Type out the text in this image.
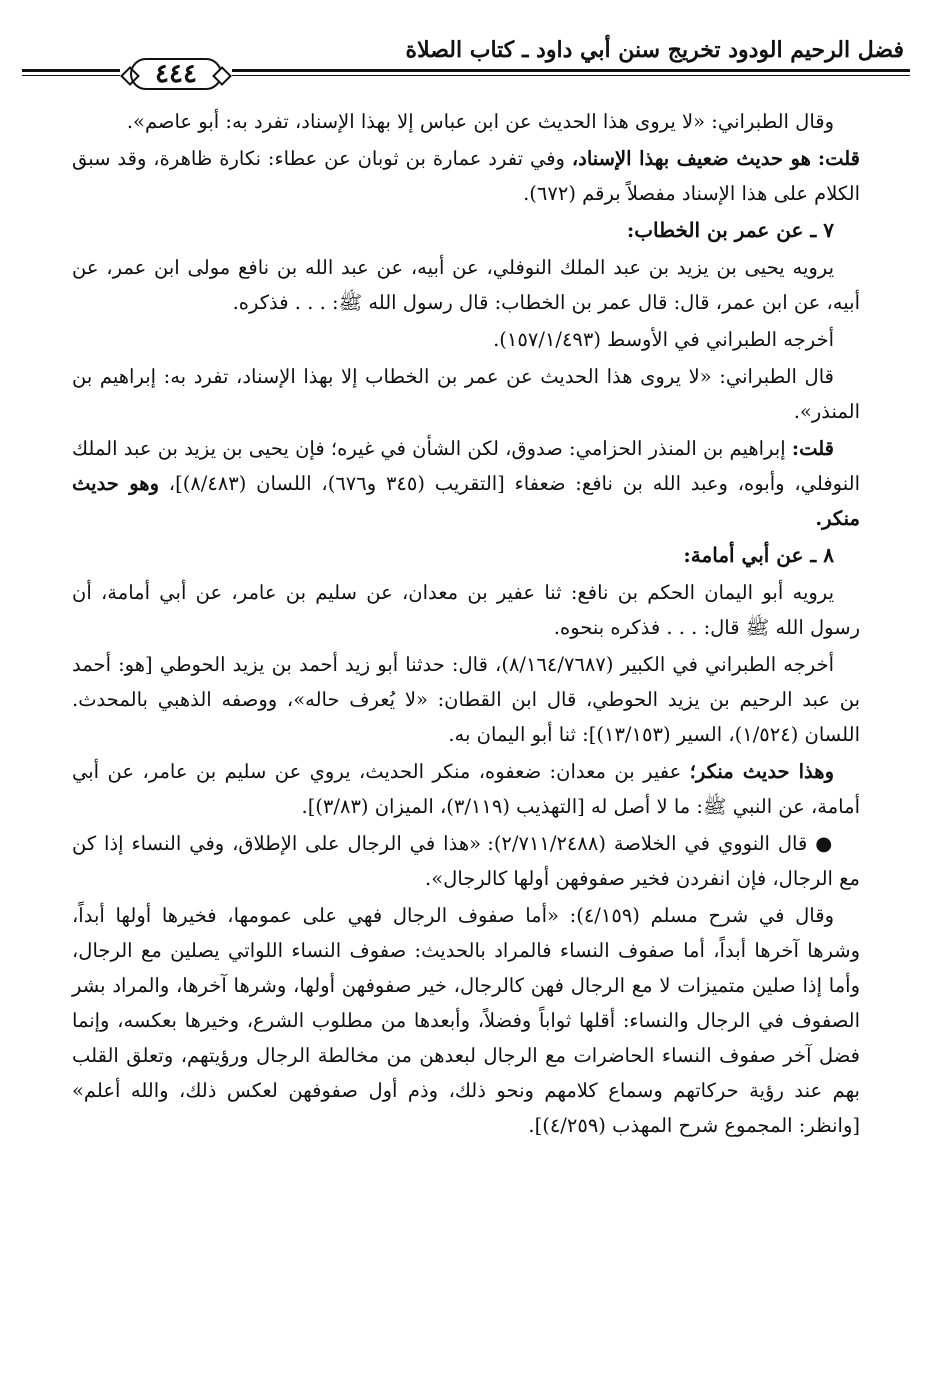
فضل الرحيم الودود تخريج سنن أبي داود ـ كتاب الصلاة
٤٤٤

وقال الطبراني: «لا يروى هذا الحديث عن ابن عباس إلا بهذا الإسناد، تفرد به: أبو عاصم».

قلت: هو حديث ضعيف بهذا الإسناد، وفي تفرد عمارة بن ثوبان عن عطاء: نكارة ظاهرة، وقد سبق الكلام على هذا الإسناد مفصلاً برقم (٦٧٢).

٧ ـ عن عمر بن الخطاب:

يرويه يحيى بن يزيد بن عبد الملك النوفلي، عن أبيه، عن عبد الله بن نافع مولى ابن عمر، عن أبيه، عن ابن عمر، قال: قال عمر بن الخطاب: قال رسول الله ﷺ: . . . فذكره.

أخرجه الطبراني في الأوسط (١٥٧/١/٤٩٣).

قال الطبراني: «لا يروى هذا الحديث عن عمر بن الخطاب إلا بهذا الإسناد، تفرد به: إبراهيم بن المنذر».

قلت: إبراهيم بن المنذر الحزامي: صدوق، لكن الشأن في غيره؛ فإن يحيى بن يزيد بن عبد الملك النوفلي، وأبوه، وعبد الله بن نافع: ضعفاء [التقريب (٣٤٥ و٦٧٦)، اللسان (٨/٤٨٣)]، وهو حديث منكر.

٨ ـ عن أبي أمامة:

يرويه أبو اليمان الحكم بن نافع: ثنا عفير بن معدان، عن سليم بن عامر، عن أبي أمامة، أن رسول الله ﷺ قال: . . . فذكره بنحوه.

أخرجه الطبراني في الكبير (٨/١٦٤/٧٦٨٧)، قال: حدثنا أبو زيد أحمد بن يزيد الحوطي [هو: أحمد بن عبد الرحيم بن يزيد الحوطي، قال ابن القطان: «لا يُعرف حاله»، ووصفه الذهبي بالمحدث. اللسان (١/٥٢٤)، السير (١٣/١٥٣)]: ثنا أبو اليمان به.

وهذا حديث منكر؛ عفير بن معدان: ضعفوه، منكر الحديث، يروي عن سليم بن عامر، عن أبي أمامة، عن النبي ﷺ: ما لا أصل له [التهذيب (٣/١١٩)، الميزان (٣/٨٣)].

● قال النووي في الخلاصة (٢/٧١١/٢٤٨٨): «هذا في الرجال على الإطلاق، وفي النساء إذا كن مع الرجال، فإن انفردن فخير صفوفهن أولها كالرجال».

وقال في شرح مسلم (٤/١٥٩): «أما صفوف الرجال فهي على عمومها، فخيرها أولها أبداً، وشرها آخرها أبداً، أما صفوف النساء فالمراد بالحديث: صفوف النساء اللواتي يصلين مع الرجال، وأما إذا صلين متميزات لا مع الرجال فهن كالرجال، خير صفوفهن أولها، وشرها آخرها، والمراد بشر الصفوف في الرجال والنساء: أقلها ثواباً وفضلاً، وأبعدها من مطلوب الشرع، وخيرها بعكسه، وإنما فضل آخر صفوف النساء الحاضرات مع الرجال لبعدهن من مخالطة الرجال ورؤيتهم، وتعلق القلب بهم عند رؤية حركاتهم وسماع كلامهم ونحو ذلك، وذم أول صفوفهن لعكس ذلك، والله أعلم» [وانظر: المجموع شرح المهذب (٤/٢٥٩)].
